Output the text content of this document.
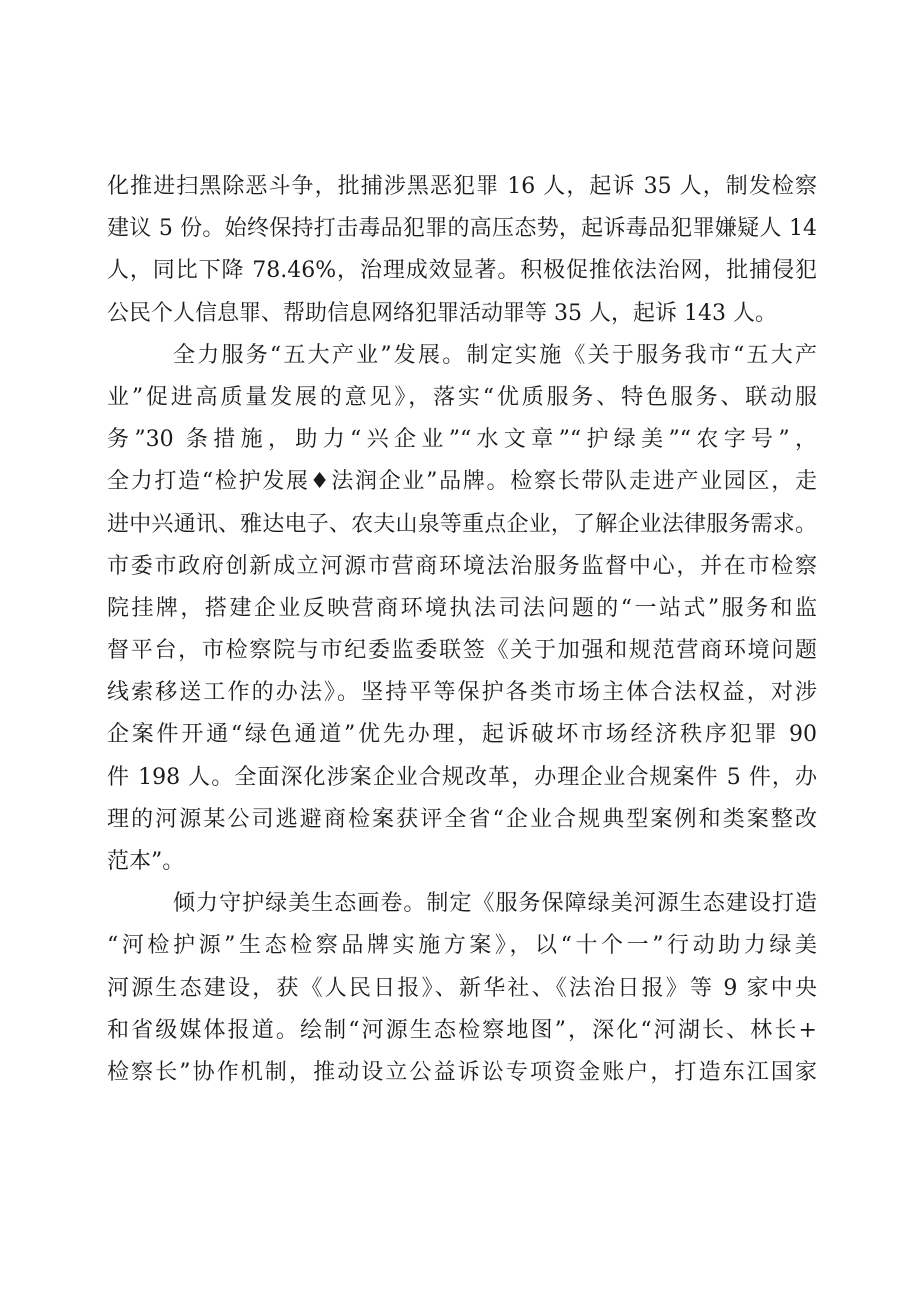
化推进扫黑除恶斗争，批捕涉黑恶犯罪 16 人，起诉 35 人，制发检察
建议 5 份。始终保持打击毒品犯罪的高压态势，起诉毒品犯罪嫌疑人 14
人，同比下降 78.46%，治理成效显著。积极促推依法治网，批捕侵犯
公民个人信息罪、帮助信息网络犯罪活动罪等 35 人，起诉 143 人。
全力服务“五大产业”发展。制定实施《关于服务我市“五大产
业”促进高质量发展的意见》，落实“优质服务、特色服务、联动服
务”30 条措施，助力“兴企业”“水文章”“护绿美”“农字号”，
全力打造“检护发展♦法润企业”品牌。检察长带队走进产业园区，走
进中兴通讯、雅达电子、农夫山泉等重点企业，了解企业法律服务需求。
市委市政府创新成立河源市营商环境法治服务监督中心，并在市检察
院挂牌，搭建企业反映营商环境执法司法问题的“一站式”服务和监
督平台，市检察院与市纪委监委联签《关于加强和规范营商环境问题
线索移送工作的办法》。坚持平等保护各类市场主体合法权益，对涉
企案件开通“绿色通道”优先办理，起诉破坏市场经济秩序犯罪 90
件 198 人。全面深化涉案企业合规改革，办理企业合规案件 5 件，办
理的河源某公司逃避商检案获评全省“企业合规典型案例和类案整改
范本”。
倾力守护绿美生态画卷。制定《服务保障绿美河源生态建设打造
“河检护源”生态检察品牌实施方案》，以“十个一”行动助力绿美
河源生态建设，获《人民日报》、新华社、《法治日报》等 9 家中央
和省级媒体报道。绘制“河源生态检察地图”，深化“河湖长、林长+
检察长”协作机制，推动设立公益诉讼专项资金账户，打造东江国家
